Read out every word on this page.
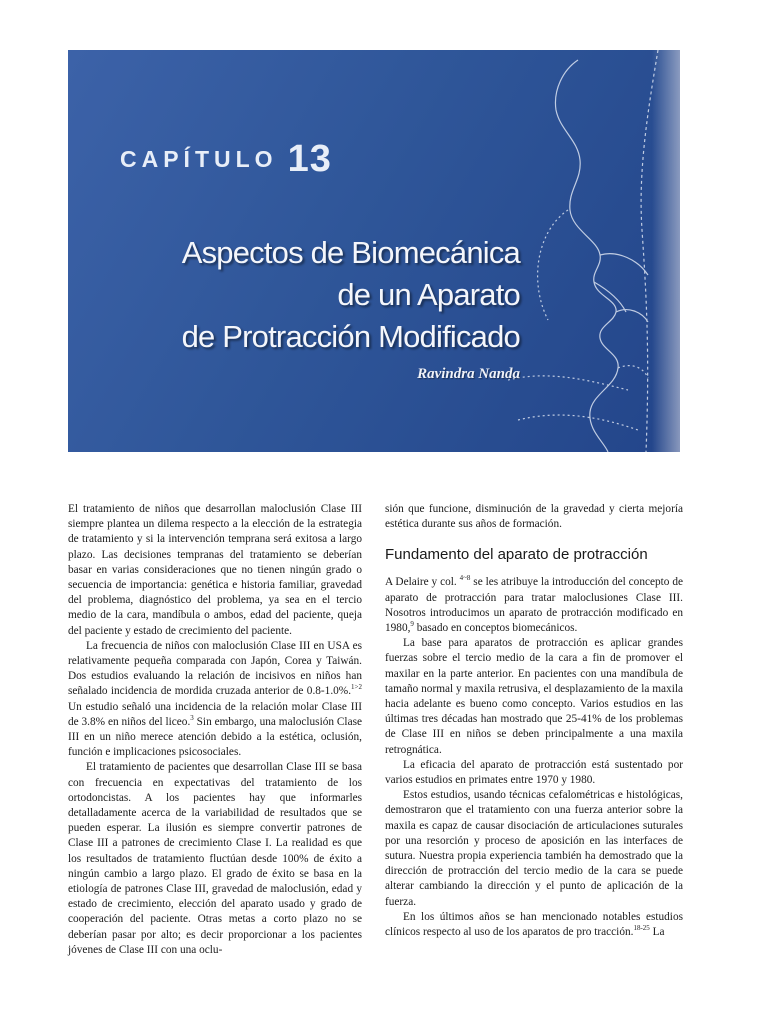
CAPÍTULO 13
Aspectos de Biomecánica
de un Aparato
de Protracción Modificado
Ravindra Nanda

El tratamiento de niños que desarrollan maloclusión Clase III siempre plantea un dilema respecto a la elección de la estrategia de tratamiento y si la intervención temprana será exitosa a largo plazo. Las decisiones tempranas del tratamiento se deberían basar en varias consideraciones que no tienen ningún grado o secuencia de importancia: genética e historia familiar, gravedad del problema, diagnóstico del problema, ya sea en el tercio medio de la cara, mandíbula o ambos, edad del paciente, queja del paciente y estado de crecimiento del paciente.

La frecuencia de niños con maloclusión Clase III en USA es relativamente pequeña comparada con Japón, Corea y Taiwán. Dos estudios evaluando la relación de incisivos en niños han señalado incidencia de mordida cruzada anterior de 0.8-1.0%.$^{1>2}$ Un estudio señaló una incidencia de la relación molar Clase III de 3.8% en niños del liceo.$^3$ Sin embargo, una maloclusión Clase III en un niño merece atención debido a la estética, oclusión, función e implicaciones psicosociales.

El tratamiento de pacientes que desarrollan Clase III se basa con frecuencia en expectativas del tratamiento de los ortodoncistas. A los pacientes hay que informarles detalladamente acerca de la variabilidad de resultados que se pueden esperar. La ilusión es siempre convertir patrones de Clase III a patrones de crecimiento Clase I. La realidad es que los resultados de tratamiento fluctúan desde 100% de éxito a ningún cambio a largo plazo. El grado de éxito se basa en la etiología de patrones Clase III, gravedad de maloclusión, edad y estado de crecimiento, elección del aparato usado y grado de cooperación del paciente. Otras metas a corto plazo no se deberían pasar por alto; es decir proporcionar a los pacientes jóvenes de Clase III con una oclu-

sión que funcione, disminución de la gravedad y cierta mejoría estética durante sus años de formación.

Fundamento del aparato de protracción

A Delaire y col. $^{4\sim 8}$ se les atribuye la introducción del concepto de aparato de protracción para tratar maloclusiones Clase III. Nosotros introducimos un aparato de protracción modificado en 1980,$^9$ basado en conceptos biomecánicos.

La base para aparatos de protracción es aplicar grandes fuerzas sobre el tercio medio de la cara a fin de promover el maxilar en la parte anterior. En pacientes con una mandíbula de tamaño normal y maxila retrusiva, el desplazamiento de la maxila hacia adelante es bueno como concepto. Varios estudios en las últimas tres décadas han mostrado que 25-41% de los problemas de Clase III en niños se deben principalmente a una maxila retrognática.

La eficacia del aparato de protracción está sustentado por varios estudios en primates entre 1970 y 1980.

Estos estudios, usando técnicas cefalométricas e histológicas, demostraron que el tratamiento con una fuerza anterior sobre la maxila es capaz de causar disociación de articulaciones suturales por una resorción y proceso de aposición en las interfaces de sutura. Nuestra propia experiencia también ha demostrado que la dirección de protracción del tercio medio de la cara se puede alterar cambiando la dirección y el punto de aplicación de la fuerza.

En los últimos años se han mencionado notables estudios clínicos respecto al uso de los aparatos de pro tracción.$^{18-25}$ La
